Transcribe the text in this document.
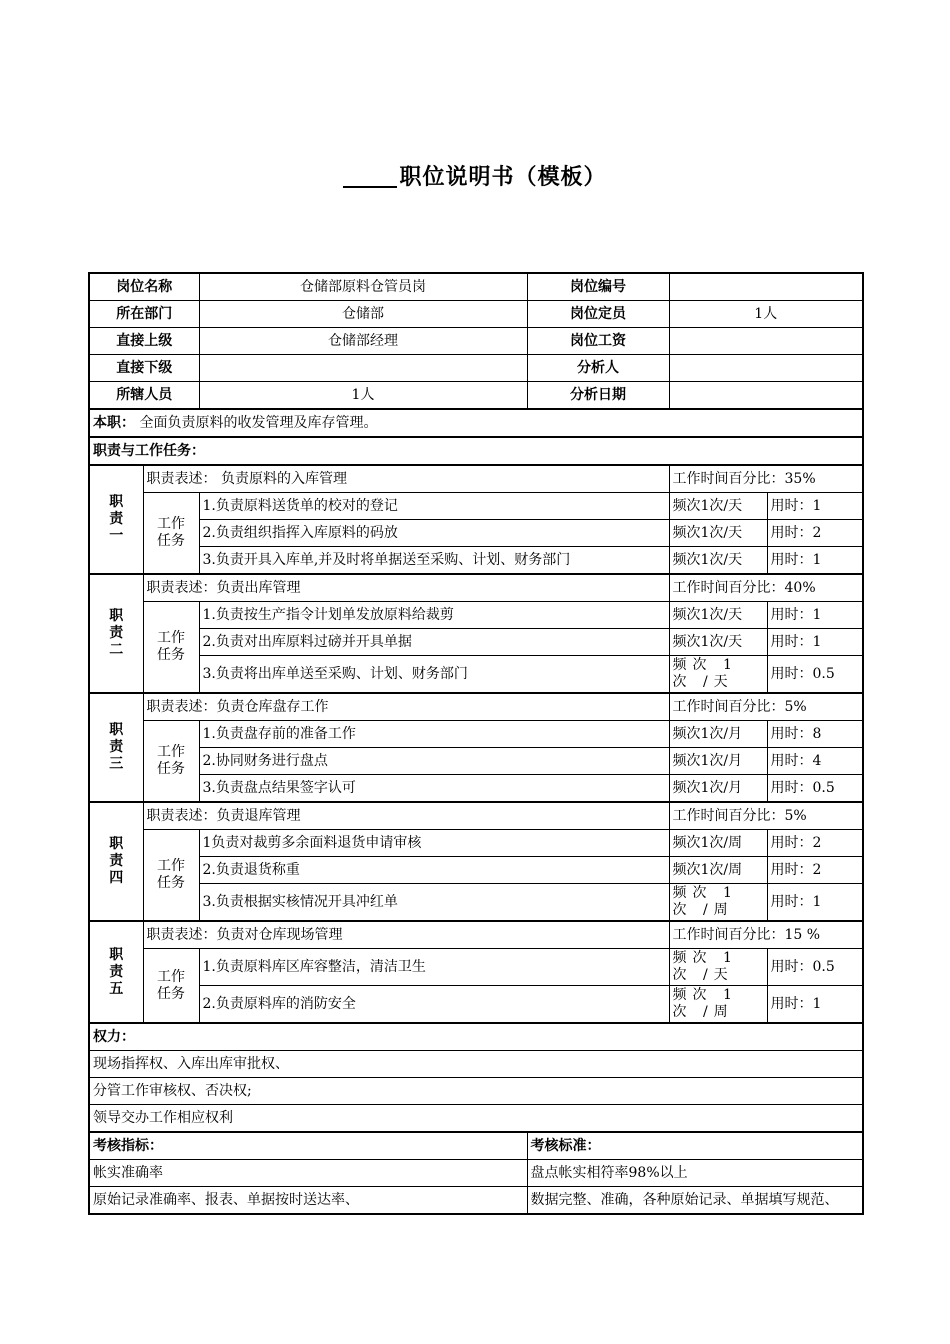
职位说明书（模板）
岗位名称		仓储部原料仓管员岗	岗位编号		
所在部门		仓储部	岗位定员	1人	
直接上级		仓储部经理	岗位工资		
直接下级			分析人		
所辖人员		1人	分析日期		
本职： 全面负责原料的收发管理及库存管理。					
职责与工作任务：					
职
责
一	职责表述： 负责原料的入库管理			工作时间百分比：35%	
	工作
任务	1.负责原料送货单的校对的登记		频次1次/天	用时：1
		2.负责组织指挥入库原料的码放		频次1次/天	用时：2
		3.负责开具入库单,并及时将单据送至采购、计划、财务部门		频次1次/天	用时：1
职
责
二	职责表述：负责出库管理			工作时间百分比：40%	
	工作
任务	1.负责按生产指令计划单发放原料给裁剪		频次1次/天	用时：1
		2.负责对出库原料过磅并开具单据		频次1次/天	用时：1
		3.负责将出库单送至采购、计划、财务部门		频次 1 次 /天	用时：0.5
职
责
三	职责表述：负责仓库盘存工作			工作时间百分比：5%	
	工作
任务	1.负责盘存前的准备工作		频次1次/月	用时：8
		2.协同财务进行盘点		频次1次/月	用时：4
		3.负责盘点结果签字认可		频次1次/月	用时：0.5
职
责
四	职责表述：负责退库管理			工作时间百分比：5%	
	工作
任务	1负责对裁剪多余面料退货申请审核		频次1次/周	用时：2
		2.负责退货称重		频次1次/周	用时：2
		3.负责根据实核情况开具冲红单		频次 1 次 /周	用时：1
职
责
五	职责表述：负责对仓库现场管理			工作时间百分比：15 %	
	工作
任务	1.负责原料库区库容整洁，清洁卫生		频次 1 次 /天	用时：0.5
		2.负责原料库的消防安全		频次 1 次 /周	用时：1
权力：					
现场指挥权、入库出库审批权、					
分管工作审核权、否决权;					
领导交办工作相应权利					
考核指标：			考核标准：		
帐实准确率			盘点帐实相符率98%以上		
原始记录准确率、报表、单据按时送达率、			数据完整、准确，各种原始记录、单据填写规范、		
